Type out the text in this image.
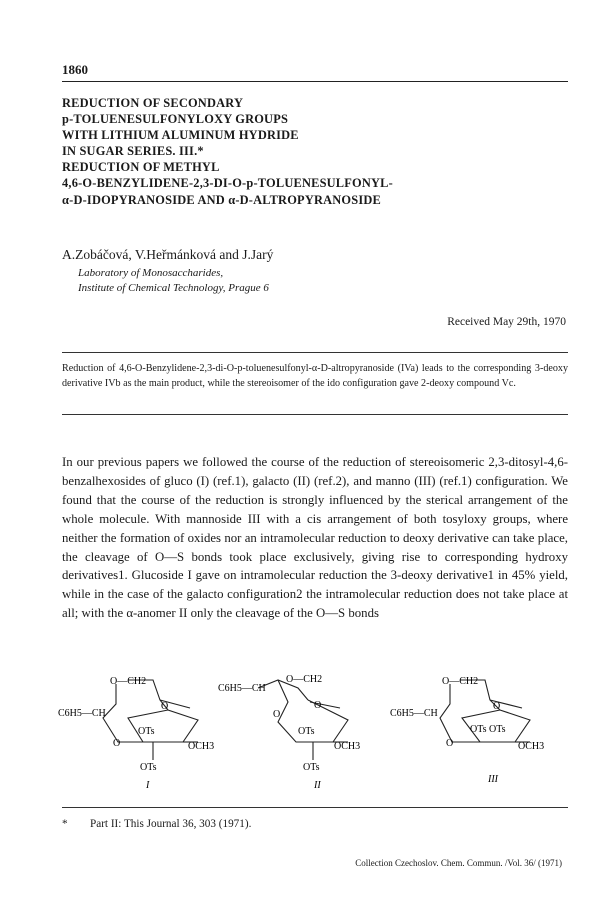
1860
REDUCTION OF SECONDARY
p-TOLUENESULFONYLOXY GROUPS
WITH LITHIUM ALUMINUM HYDRIDE
IN SUGAR SERIES. III.*
REDUCTION OF METHYL
4,6-O-BENZYLIDENE-2,3-DI-O-p-TOLUENESULFONYL-
α-D-IDOPYRANOSIDE AND α-D-ALTROPYRANOSIDE
A.Zobáčová, V.Heřmánková and J.Jarý
Laboratory of Monosaccharides,
Institute of Chemical Technology, Prague 6
Received May 29th, 1970
Reduction of 4,6-O-Benzylidene-2,3-di-O-p-toluenesulfonyl-α-D-altropyranoside (IVa) leads to the corresponding 3-deoxy derivative IVb as the main product, while the stereoisomer of the ido configuration gave 2-deoxy compound Vc.

In our previous papers we followed the course of the reduction of stereoisomeric 2,3-ditosyl-4,6-benzalhexosides of gluco (I) (ref.1), galacto (II) (ref.2), and manno (III) (ref.1) configuration. We found that the course of the reduction is strongly influenced by the sterical arrangement of the whole molecule. With mannoside III with a cis arrangement of both tosyloxy groups, where neither the formation of oxides nor an intramolecular reduction to deoxy derivative can take place, the cleavage of O—S bonds took place exclusively, giving rise to corresponding hydroxy derivatives1. Glucoside I gave on intramolecular reduction the 3-deoxy derivative1 in 45% yield, while in the case of the galacto configuration2 the intramolecular reduction does not take place at all; with the α-anomer II only the cleavage of the O—S bonds

O—CH2
O
C6H5—CH
O
OTs
OCH3
OTs
I
C6H5—CH
O—CH2
O
O
OTs
OCH3
OTs
II
O—CH2
O
C6H5—CH
O
OTs OTs
OCH3
III
* Part II: This Journal 36, 303 (1971).
Collection Czechoslov. Chem. Commun. /Vol. 36/ (1971)
